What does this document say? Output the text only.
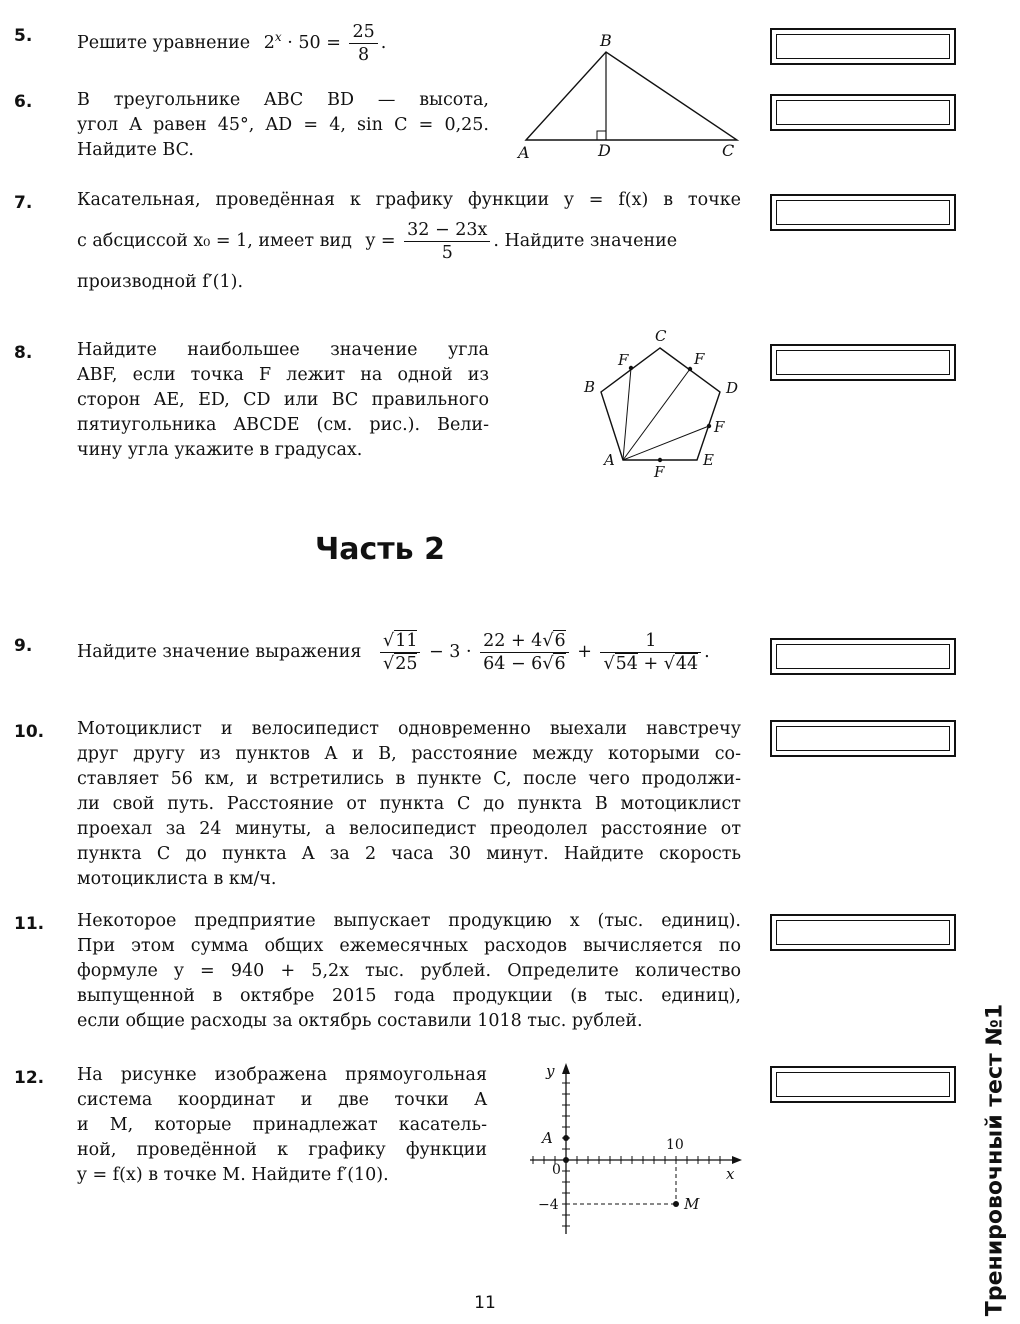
5.	Решите уравнение $2^x \cdot 50 = \frac{25}{8}$ .
6.	В треугольнике ABC BD — высота,
угол A равен 45°, AD = 4, sin C = 0,25.
Найдите BC.
B
A	D	C
7.	Касательная, проведённая к графику функции y = f(x) в точке
с абсциссой x₀ = 1, имеет вид $y = \frac{32 - 23x}{5}$ . Найдите значение
производной f′(1).
8.	Найдите наибольшее значение угла
ABF, если точка F лежит на одной из
сторон AE, ED, CD или BC правильного
пятиугольника ABCDE (см. рис.). Вели-
чину угла укажите в градусах.
C
F	F
B	D
F
A	E
F
Часть 2
9.	Найдите значение выражения $\frac{√11}{√25} - 3 \cdot \frac{22 + 4√6}{64 - 6√6} + \frac{1}{√54 + √44}$ .
10. Мотоциклист и велосипедист одновременно выехали навстречу
друг другу из пунктов A и B, расстояние между которыми со-
ставляет 56 км, и встретились в пункте C, после чего продолжи-
ли свой путь. Расстояние от пункта C до пункта B мотоциклист
проехал за 24 минуты, а велосипедист преодолел расстояние от
пункта C до пункта A за 2 часа 30 минут. Найдите скорость
мотоциклиста в км/ч.
11. Некоторое предприятие выпускает продукцию x (тыс. единиц).
При этом сумма общих ежемесячных расходов вычисляется по
формуле y = 940 + 5,2x тыс. рублей. Определите количество
выпущенной в октябре 2015 года продукции (в тыс. единиц),
если общие расходы за октябрь составили 1018 тыс. рублей.
12. На рисунке изображена прямоугольная
система координат и две точки A
и M, которые принадлежат касатель-
ной, проведённой к графику функции
y = f(x) в точке M. Найдите f′(10).
y
x
A
0
10
−4	M	Тренировочный тест №1
11
